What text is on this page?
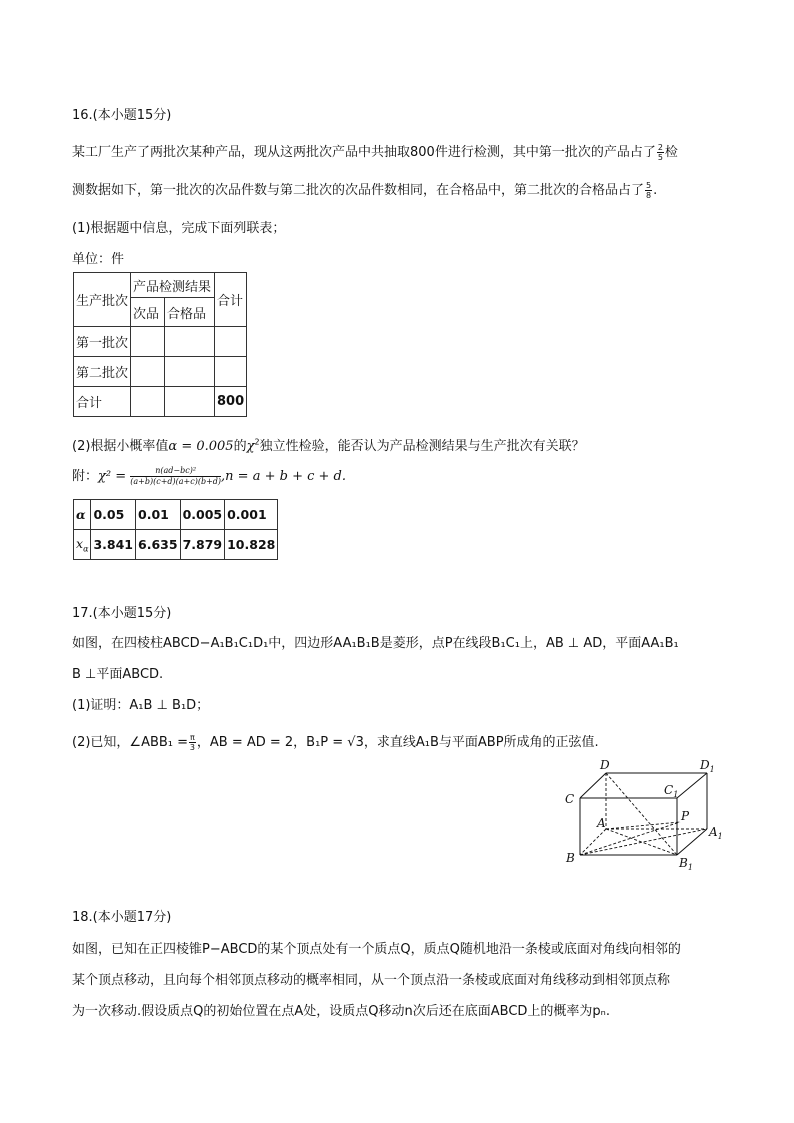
16.(本小题15分)
某工厂生产了两批次某种产品，现从这两批次产品中共抽取800件进行检测，其中第一批次的产品占了 $\frac{2}{5}$ 检
测数据如下，第一批次的次品件数与第二批次的次品件数相同，在合格品中，第二批次的合格品占了 $\frac{5}{8}$ .
(1)根据题中信息，完成下面列联表；
单位：件
生产批次	产品检测结果		合计
	次品	合格品	
第一批次			
第二批次			
合计			800
(2)根据小概率值α = 0.005的$\chi^2$独立性检验，能否认为产品检测结果与生产批次有关联？
附：$\chi^2 = \frac{\text{n(ad−bc)²}}{(a+b)(c+d)(a+c)(b+d)},n = a + b + c + d$.
α	0.05	0.01	0.005	0.001
$x_\alpha$	3.841	6.635	7.879	10.828
17.(本小题15分)
如图，在四棱柱ABCD−A₁B₁C₁D₁中，四边形AA₁B₁B是菱形，点P在线段B₁C₁上，AB ⊥ AD，平面AA₁B₁
B ⊥平面ABCD.
(1)证明：A₁B ⊥ B₁D；
(2)已知，∠ABB₁ = $\frac{\pi}{3}$ ，AB = AD = 2，B₁P = √3，求直线A₁B与平面ABP所成角的正弦值.
D	$D_1$
C
$C_1$
A	P
$A_1$
B	$B_1$
18.(本小题17分)
如图，已知在正四棱锥P−ABCD的某个顶点处有一个质点Q，质点Q随机地沿一条棱或底面对角线向相邻的
某个顶点移动，且向每个相邻顶点移动的概率相同，从一个顶点沿一条棱或底面对角线移动到相邻顶点称
为一次移动.假设质点Q的初始位置在点A处，设质点Q移动n次后还在底面ABCD上的概率为pₙ.
